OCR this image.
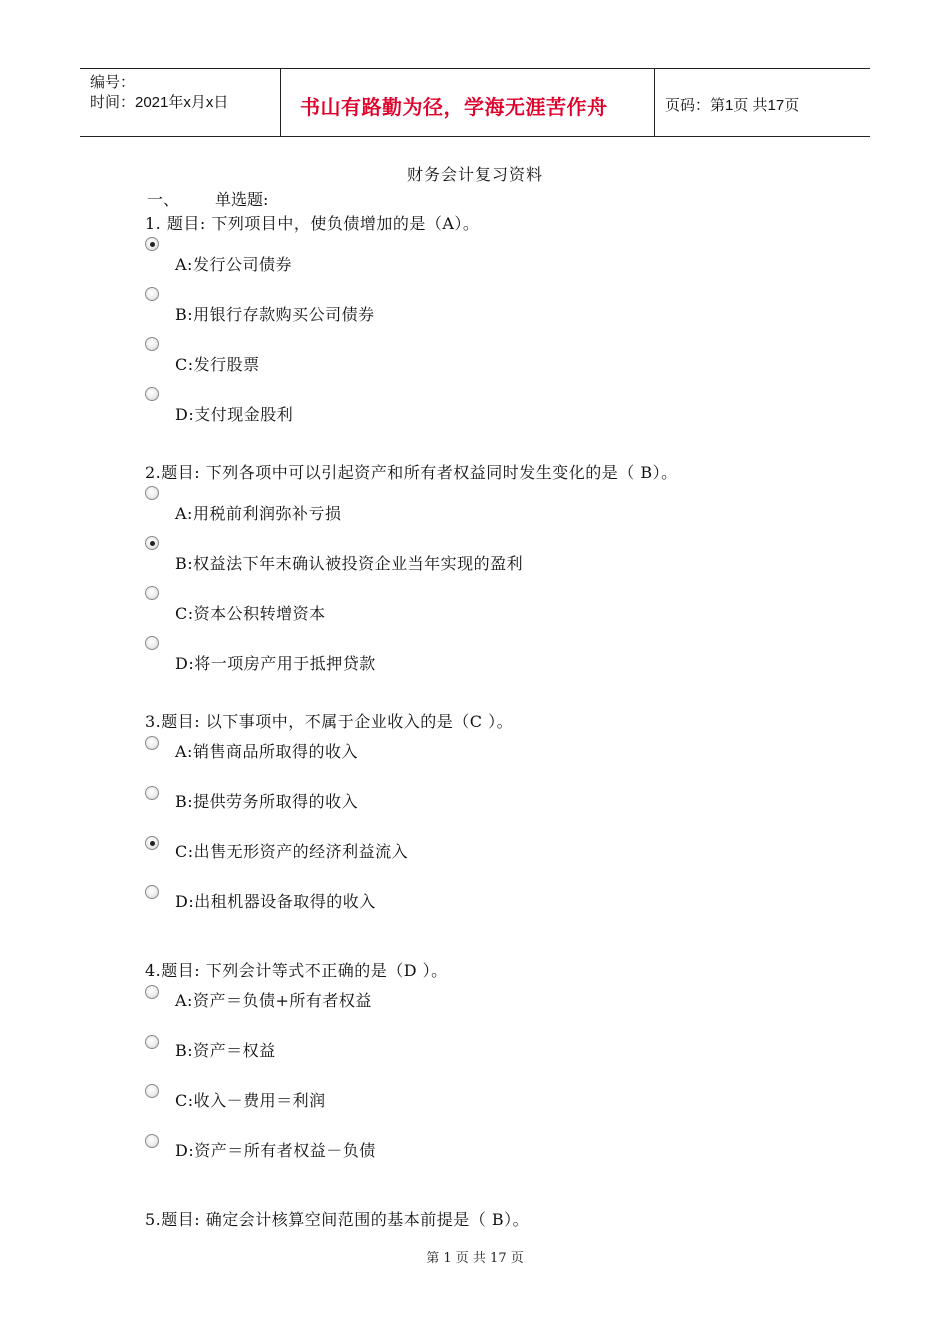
编号：
时间：2021年x月x日	书山有路勤为径，学海无涯苦作舟	页码：第1页 共17页
财务会计复习资料
一、 单选题:
1. 题目: 下列项目中，使负债增加的是（A）。
A:发行公司债券
B:用银行存款购买公司债券
C:发行股票
D:支付现金股利
2.题目: 下列各项中可以引起资产和所有者权益同时发生变化的是（ B）。
A:用税前利润弥补亏损
B:权益法下年末确认被投资企业当年实现的盈利
C:资本公积转增资本
D:将一项房产用于抵押贷款
3.题目: 以下事项中，不属于企业收入的是（C ）。
A:销售商品所取得的收入
B:提供劳务所取得的收入
C:出售无形资产的经济利益流入
D:出租机器设备取得的收入
4.题目: 下列会计等式不正确的是（D ）。
A:资产＝负债+所有者权益
B:资产＝权益
C:收入－费用＝利润
D:资产＝所有者权益－负债
5.题目: 确定会计核算空间范围的基本前提是（ B）。
第 1 页 共 17 页
